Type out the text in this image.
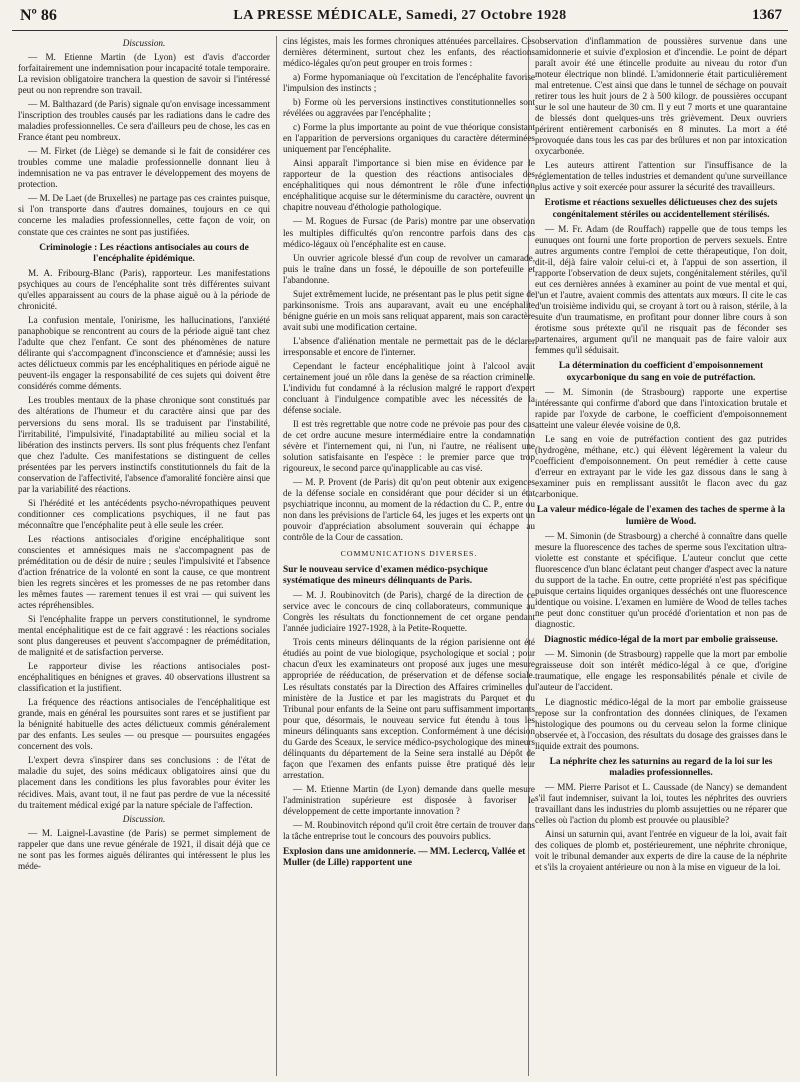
Nº 86	LA PRESSE MÉDICALE, Samedi, 27 Octobre 1928	1367
Discussion.

— M. Etienne Martin (de Lyon) est d'avis d'accorder forfaitairement une indemnisation pour incapacité totale temporaire. La revision obligatoire trancherа la question de savoir si l'intéressé peut ou non reprendre son travail.

— M. Balthazard (de Paris) signale qu'on envisage incessamment l'inscription des troubles causés par les radiations dans le cadre des maladies professionnelles. Ce sera d'ailleurs peu de chose, les cas en France étant peu nombreux.

— M. Firket (de Liège) se demande si le fait de considérer ces troubles comme une maladie professionnelle donnant lieu à indemnisation ne va pas entraver le développement des moyens de protection.

— M. De Laet (de Bruxelles) ne partage pas ces craintes puisque, si l'on transporte dans d'autres domaines, toujours en ce qui concerne les maladies professionnelles, cette façon de voir, on constate que ces craintes ne sont pas justifiées.

Criminologie : Les réactions antisociales au cours de l'encéphalite épidémique.

M. A. Fribourg-Blanc (Paris), rapporteur. Les manifestations psychiques au cours de l'encéphalite sont très différentes suivant qu'elles apparaissent au cours de la phase aiguë ou à la période de chronicité.

La confusion mentale, l'onirisme, les hallucinations, l'anxiété panaphobique se rencontrent au cours de la période aiguë tant chez l'adulte que chez l'enfant. Ce sont des phénomènes de nature délirante qui s'accompagnent d'inconscience et d'amnésie; aussi les actes délictueux commis par les encéphalitiques en période aiguë ne peuvent-ils engager la responsabilité de ces sujets qui doivent être considérés comme déments.

Les troubles mentaux de la phase chronique sont constitués par des altérations de l'humeur et du caractère ainsi que par des perversions du sens moral. Ils se traduisent par l'instabilité, l'irritabilité, l'impulsivité, l'inadaptabilité au milieu social et la libération des instincts pervers. Ils sont plus fréquents chez l'enfant que chez l'adulte. Ces manifestations se distinguent de celles présentées par les pervers instinctifs constitutionnels du fait de la conservation de l'affectivité, l'absence d'amoralité foncière ainsi que par la variabilité des réactions.

Si l'hérédité et les antécédents psycho-névropathiques peuvent conditionner ces complications psychiques, il ne faut pas méconnaître que l'encéphalite peut à elle seule les créer.

Les réactions antisociales d'origine encéphalitique sont conscientes et amnésiques mais ne s'accompagnent pas de préméditation ou de désir de nuire ; seules l'impulsivité et l'absence d'action frénatrice de la volonté en sont la cause, ce que montrent bien les regrets sincères et les promesses de ne pas retomber dans les mêmes fautes — rarement tenues il est vrai — qui suivent les actes répréhensibles.

Si l'encéphalite frappe un pervers constitutionnel, le syndrome mental encéphalitique est de ce fait aggravé : les réactions sociales sont plus dangereuses et peuvent s'accompagner de préméditation, de malignité et de satisfaction perverse.

Le rapporteur divise les réactions antisociales post-encéphalitiques en bénignes et graves. 40 observations illustrent sa classification et la justifient.

La fréquence des réactions antisociales de l'encéphalitique est grande, mais en général les poursuites sont rares et se justifient par la bénignité habituelle des actes délictueux commis généralement par des enfants. Les seules — ou presque — poursuites engagées concernent des vols.

L'expert devra s'inspirer dans ses conclusions : de l'état de maladie du sujet, des soins médicaux obligatoires ainsi que du placement dans les conditions les plus favorables pour éviter les récidives. Mais, avant tout, il ne faut pas perdre de vue la nécessité du traitement médical exigé par la nature spéciale de l'affection.

Discussion.

— M. Laignel-Lavastine (de Paris) se permet simplement de rappeler que dans une revue générale de 1921, il disait déjà que ce ne sont pas les formes aiguës délirantes qui intéressent le plus les méde-

cins légistes, mais les formes chroniques atténuées parcellaires. Ces dernières déterminent, surtout chez les enfants, des réactions médico-légales qu'on peut grouper en trois formes :

a) Forme hypomaniaque où l'excitation de l'encéphalite favorise l'impulsion des instincts ;

b) Forme où les perversions instinctives constitutionnelles sont révélées ou aggravées par l'encéphalite ;

c) Forme la plus importante au point de vue théorique consistant en l'apparition de perversions organiques du caractère déterminées uniquement par l'encéphalite.

Ainsi apparaît l'importance si bien mise en évidence par le rapporteur de la question des réactions antisociales des encéphalitiques qui nous démontrent le rôle d'une infection encéphalitique acquise sur le déterminisme du caractère, ouvrent un chapitre nouveau d'éthologie pathologique.

— M. Rogues de Fursac (de Paris) montre par une observation les multiples difficultés qu'on rencontre parfois dans des cas médico-légaux où l'encéphalite est en cause.

Un ouvrier agricole blessé d'un coup de revolver un camarade, puis le traîne dans un fossé, le dépouille de son portefeuille et l'abandonne.

Sujet extrêmement lucide, ne présentant pas le plus petit signe de parkinsonisme. Trois ans auparavant, avait eu une encéphalite bénigne guérie en un mois sans reliquat apparent, mais son caractère avait subi une modification certaine.

L'absence d'aliénation mentale ne permettait pas de le déclarer irresponsable et encore de l'interner.

Cependant le facteur encéphalitique joint à l'alcool avait certainement joué un rôle dans la genèse de sa réaction criminelle. L'individu fut condamné à la réclusion malgré le rapport d'expert concluant à l'indulgence compatible avec les nécessités de la défense sociale.

Il est très regrettable que notre code ne prévoie pas pour des cas de cet ordre aucune mesure intermédiaire entre la condamnation sévère et l'internement qui, ni l'un, ni l'autre, ne réalisent une solution satisfaisante en l'espèce : le premier parce que trop rigoureux, le second parce qu'inapplicable au cas visé.

— M. P. Provent (de Paris) dit qu'on peut obtenir aux exigences de la défense sociale en considérant que pour décider si un état psychiatrique inconnu, au moment de la rédaction du C. P., entre ou non dans les prévisions de l'article 64, les juges et les experts ont un pouvoir d'appréciation absolument souverain qui échappe au contrôle de la Cour de cassation.

COMMUNICATIONS DIVERSES.
Sur le nouveau service d'examen médico-psychique systématique des mineurs délinquants de Paris.

— M. J. Roubinovitch (de Paris), chargé de la direction de ce service avec le concours de cinq collaborateurs, communique au Congrès les résultats du fonctionnement de cet organe pendant l'année judiciaire 1927-1928, à la Petite-Roquette.

Trois cents mineurs délinquants de la région parisienne ont été étudiés au point de vue biologique, psychologique et social ; pour chacun d'eux les examinateurs ont proposé aux juges une mesure appropriée de rééducation, de préservation et de défense sociale. Les résultats constatés par la Direction des Affaires criminelles du ministère de la Justice et par les magistrats du Parquet et du Tribunal pour enfants de la Seine ont paru suffisamment importants pour que, désormais, le nouveau service fut étendu à tous les mineurs délinquants sans exception. Conformément à une décision du Garde des Sceaux, le service médico-psychologique des mineurs délinquants du département de la Seine sera installé au Dépôt de façon que l'examen des enfants puisse être pratiqué dès leur arrestation.

— M. Etienne Martin (de Lyon) demande dans quelle mesure l'administration supérieure est disposée à favoriser le développement de cette importante innovation ?

— M. Roubinovitch répond qu'il croit être certain de trouver dans la tâche entreprise tout le concours des pouvoirs publics.

Explosion dans une amidonnerie. — MM. Leclercq, Vallée et Muller (de Lille) rapportent une

observation d'inflammation de poussières survenue dans une amidonnerie et suivie d'explosion et d'incendie. Le point de départ paraît avoir été une étincelle produite au niveau du rotor d'un moteur électrique non blindé. L'amidonnerie était particulièrement mal entretenue. C'est ainsi que dans le tunnel de séchage on pouvait retirer tous les huit jours de 2 à 500 kilogr. de poussières occupant sur le sol une hauteur de 30 cm. Il y eut 7 morts et une quarantaine de blessés dont quelques-uns très grièvement. Deux ouvriers périrent entièrement carbonisés en 8 minutes. La mort a été provoquée dans tous les cas par des brûlures et non par intoxication oxycarbonée.

Les auteurs attirent l'attention sur l'insuffisance de la réglementation de telles industries et demandent qu'une surveillance plus active y soit exercée pour assurer la sécurité des travailleurs.

Erotisme et réactions sexuelles délictueuses chez des sujets congénitalement stériles ou accidentellement stérilisés.

— M. Fr. Adam (de Rouffach) rappelle que de tous temps les eunuques ont fourni une forte proportion de pervers sexuels. Entre autres arguments contre l'emploi de cette thérapeutique, l'on doit, dit-il, déjà faire valoir celui-ci et, à l'appui de son assertion, il rapporte l'observation de deux sujets, congénitalement stériles, qu'il eut ces dernières années à examiner au point de vue mental et qui, l'un et l'autre, avaient commis des attentats aux mœurs. Il cite le cas d'un troisième individu qui, se croyant à tort ou à raison, stérile, à la suite d'un traumatisme, en profitant pour donner libre cours à son érotisme sous prétexte qu'il ne risquait pas de féconder ses partenaires, argument qu'il ne manquait pas de faire valoir aux femmes qu'il séduisait.

La détermination du coefficient d'empoisonnement oxycarbonique du sang en voie de putréfaction.

— M. Simonin (de Strasbourg) rapporte une expertise intéressante qui confirme d'abord que dans l'intoxication brutale et rapide par l'oxyde de carbone, le coefficient d'empoisonnement atteint une valeur élevée voisine de 0,8.

Le sang en voie de putréfaction contient des gaz putrides (hydrogène, méthane, etc.) qui élèvent légèrement la valeur du coefficient d'empoisonnement. On peut remédier à cette cause d'erreur en extrayant par le vide les gaz dissous dans le sang à examiner puis en remplissant aussitôt le flacon avec du gaz carbonique.

La valeur médico-légale de l'examen des taches de sperme à la lumière de Wood.

— M. Simonin (de Strasbourg) a cherché à connaître dans quelle mesure la fluorescence des taches de sperme sous l'excitation ultra-violette est constante et spécifique. L'auteur conclut que cette fluorescence d'un blanc éclatant peut changer d'aspect avec la nature du support de la tache. En outre, cette propriété n'est pas spécifique puisque certains liquides organiques desséchés ont une fluorescence identique ou voisine. L'examen en lumière de Wood de telles taches ne peut donc constituer qu'un procédé d'orientation et non pas de diagnostic.

Diagnostic médico-légal de la mort par embolie graisseuse.

— M. Simonin (de Strasbourg) rappelle que la mort par embolie graisseuse doit son intérêt médico-légal à ce que, d'origine traumatique, elle engage les responsabilités pénale et civile de l'auteur de l'accident.

Le diagnostic médico-légal de la mort par embolie graisseuse repose sur la confrontation des données cliniques, de l'examen histologique des poumons ou du cerveau selon la forme clinique observée et, à l'occasion, des résultats du dosage des graisses dans le liquide extrait des poumons.

La néphrite chez les saturnins au regard de la loi sur les maladies professionnelles.

— MM. Pierre Parisot et L. Caussade (de Nancy) se demandent s'il faut indemniser, suivant la loi, toutes les néphrites des ouvriers travaillant dans les industries du plomb assujetties ou ne réparer que celles où l'action du plomb est prouvée ou plausible?

Ainsi un saturnin qui, avant l'entrée en vigueur de la loi, avait fait des coliques de plomb et, postérieurement, une néphrite chronique, voit le tribunal demander aux experts de dire la cause de la néphrite et s'ils la croyaient antérieure ou non à la mise en vigueur de la loi.
